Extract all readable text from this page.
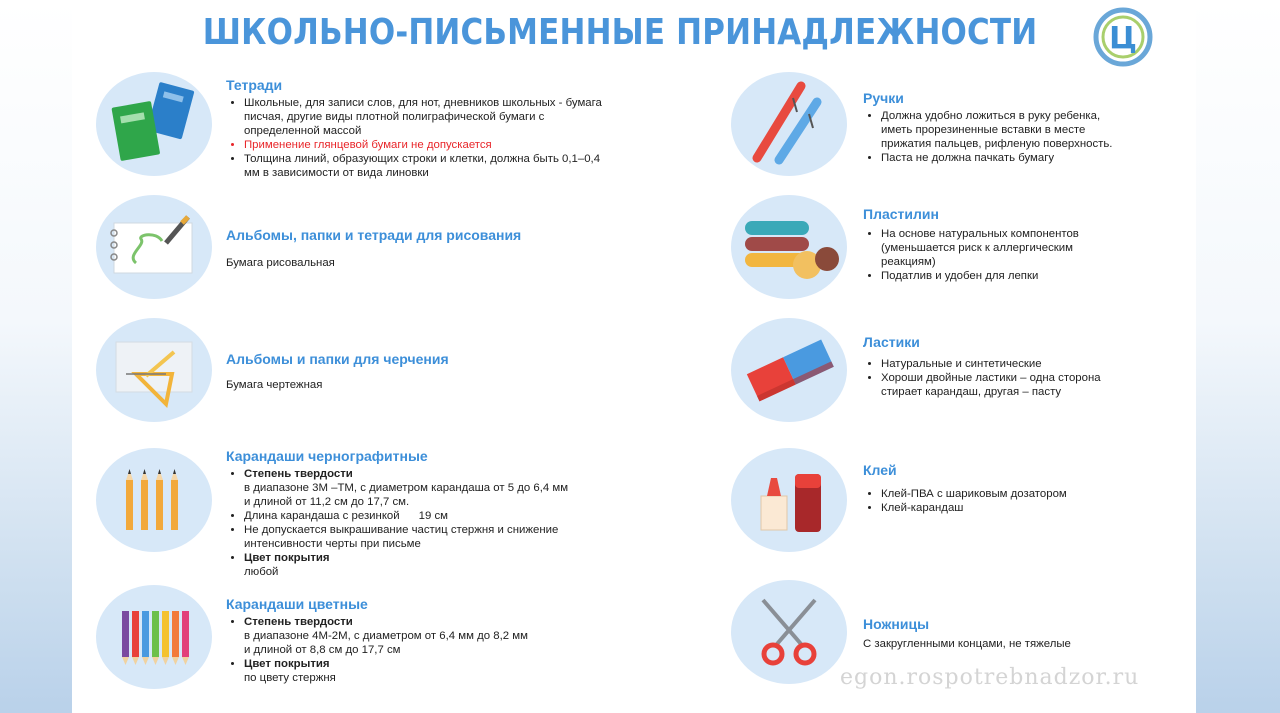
ШКОЛЬНО-ПИСЬМЕННЫЕ ПРИНАДЛЕЖНОСТИ	Ц
Тетради
• Школьные, для записи слов, для нот, дневников школьных - бумага писчая, другие виды плотной полиграфической бумаги с определенной массой
• Применение глянцевой бумаги не допускается
• Толщина линий, образующих строки и клетки, должна быть 0,1–0,4 мм в зависимости от вида линовки
Альбомы, папки и тетради для рисования
Бумага рисовальная
Альбомы и папки для черчения
Бумага чертежная
Карандаши чернографитные
• Степень твердости
в диапазоне 3М –ТМ, с диаметром карандаша от 5 до 6,4 мм
и длиной от 11,2 см до 17,7 см.
• Длина карандаша с резинкой      19 см
• Не допускается выкрашивание частиц стержня и снижение интенсивности черты при письме
• Цвет покрытия
любой
Карандаши цветные
• Степень твердости
в диапазоне 4М-2М, с диаметром от 6,4 мм до 8,2 мм
и длиной от 8,8 см до 17,7 см
• Цвет покрытия
по цвету стержня
Ручки
• Должна удобно ложиться в руку ребенка, иметь прорезиненные вставки в месте прижатия пальцев, рифленую поверхность.
• Паста не должна пачкать бумагу
Пластилин
• На основе натуральных компонентов (уменьшается риск к аллергическим реакциям)
• Податлив и удобен для лепки
Ластики
• Натуральные и синтетические
• Хороши двойные ластики – одна сторона стирает карандаш, другая – пасту
Клей
• Клей-ПВА с шариковым дозатором
• Клей-карандаш
Ножницы
С закругленными концами, не тяжелые
egon.rospotrebnadzor.ru
